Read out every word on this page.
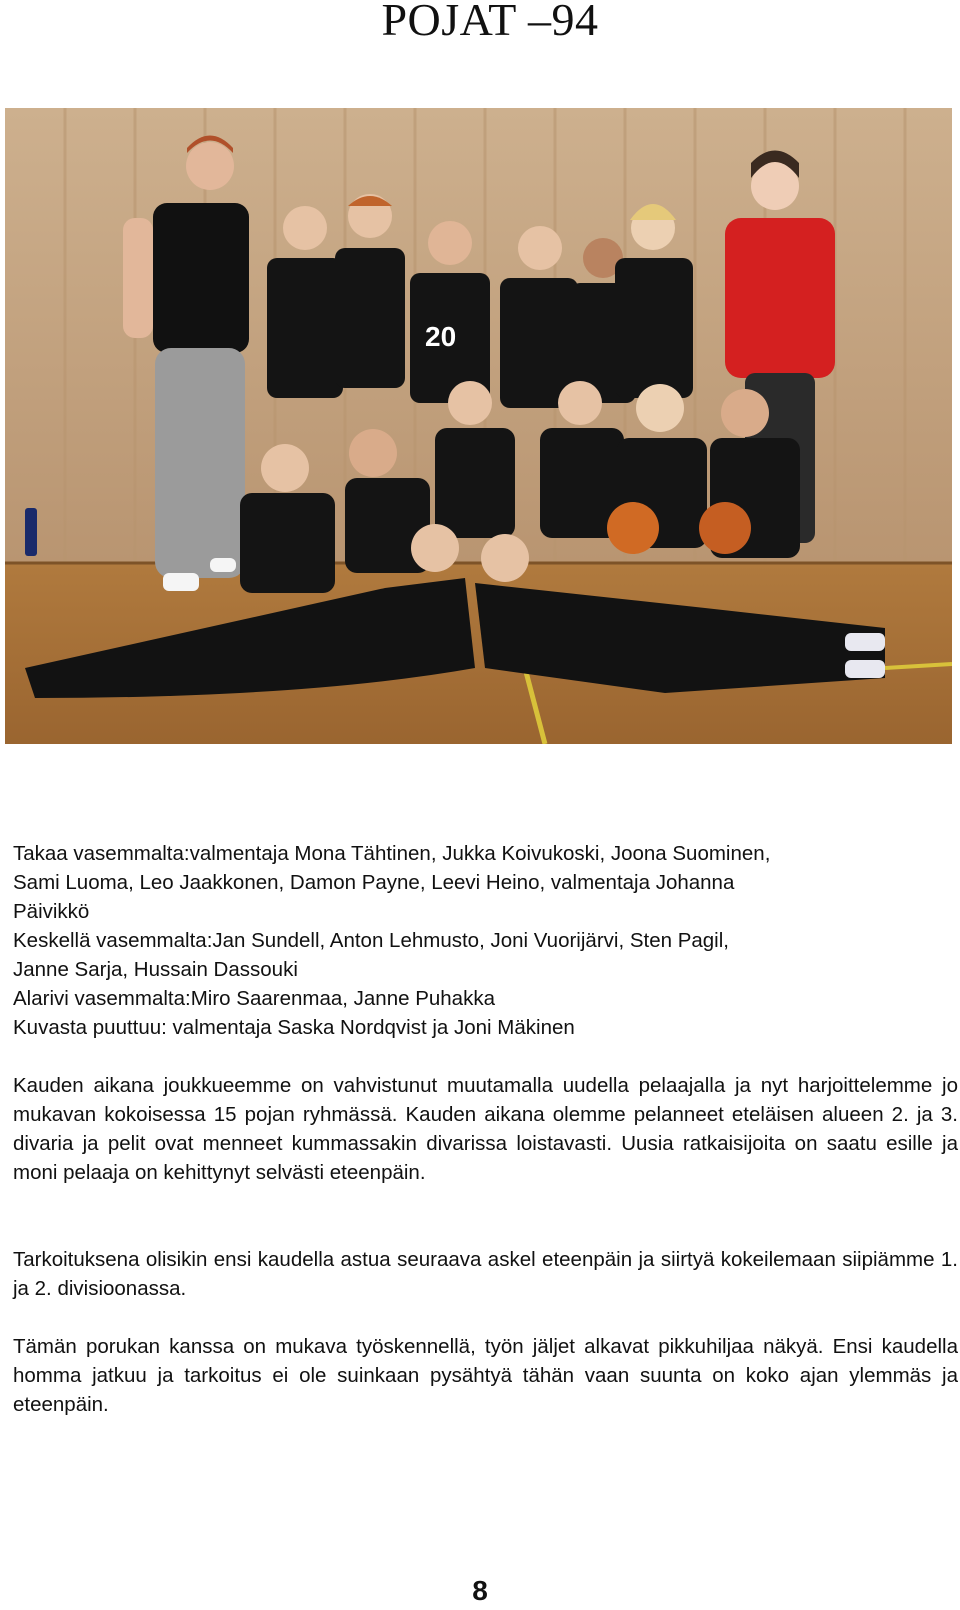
POJAT –94
20
Takaa vasemmalta:valmentaja Mona Tähtinen, Jukka Koivukoski, Joona Suominen,
Sami Luoma, Leo Jaakkonen, Damon Payne, Leevi Heino, valmentaja Johanna
Päivikkö
Keskellä vasemmalta:Jan Sundell, Anton Lehmusto, Joni Vuorijärvi, Sten Pagil,
Janne Sarja, Hussain Dassouki
Alarivi vasemmalta:Miro Saarenmaa, Janne Puhakka
Kuvasta puuttuu: valmentaja Saska Nordqvist ja Joni Mäkinen

Kauden aikana joukkueemme on vahvistunut muutamalla uudella pelaajalla ja nyt harjoittelemme jo mukavan kokoisessa 15 pojan ryhmässä. Kauden aikana olemme pelanneet eteläisen alueen 2. ja 3. divaria ja pelit ovat menneet kummassakin divarissa loistavasti. Uusia ratkaisijoita on saatu esille ja moni pelaaja on kehittynyt selvästi eteenpäin.

Tarkoituksena olisikin ensi kaudella astua seuraava askel eteenpäin ja siirtyä kokeilemaan siipiämme 1. ja 2. divisioonassa.

Tämän porukan kanssa on mukava työskennellä, työn jäljet alkavat pikkuhiljaa näkyä. Ensi kaudella homma jatkuu ja tarkoitus ei ole suinkaan pysähtyä tähän vaan suunta on koko ajan ylemmäs ja eteenpäin.

8
